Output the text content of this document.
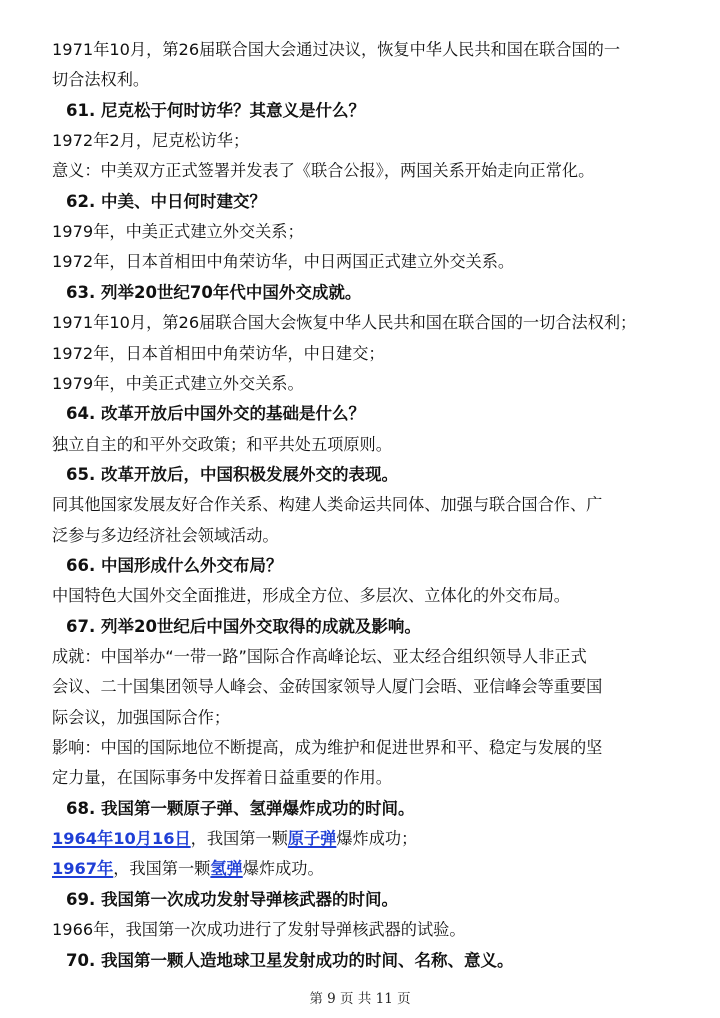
1971年10月，第26届联合国大会通过决议，恢复中华人民共和国在联合国的一
切合法权利。
61. 尼克松于何时访华？其意义是什么？
1972年2月，尼克松访华；
意义：中美双方正式签署并发表了《联合公报》，两国关系开始走向正常化。
62. 中美、中日何时建交？
1979年，中美正式建立外交关系；
1972年，日本首相田中角荣访华，中日两国正式建立外交关系。
63. 列举20世纪70年代中国外交成就。
1971年10月，第26届联合国大会恢复中华人民共和国在联合国的一切合法权利；
1972年，日本首相田中角荣访华，中日建交；
1979年，中美正式建立外交关系。
64. 改革开放后中国外交的基础是什么？
独立自主的和平外交政策；和平共处五项原则。
65. 改革开放后，中国积极发展外交的表现。
同其他国家发展友好合作关系、构建人类命运共同体、加强与联合国合作、广
泛参与多边经济社会领域活动。
66. 中国形成什么外交布局？
中国特色大国外交全面推进，形成全方位、多层次、立体化的外交布局。
67. 列举20世纪后中国外交取得的成就及影响。
成就：中国举办“一带一路”国际合作高峰论坛、亚太经合组织领导人非正式
会议、二十国集团领导人峰会、金砖国家领导人厦门会晤、亚信峰会等重要国
际会议，加强国际合作；
影响：中国的国际地位不断提高，成为维护和促进世界和平、稳定与发展的坚
定力量，在国际事务中发挥着日益重要的作用。
68. 我国第一颗原子弹、氢弹爆炸成功的时间。
1964年10月16日，我国第一颗原子弹爆炸成功；
1967年，我国第一颗氢弹爆炸成功。
69. 我国第一次成功发射导弹核武器的时间。
1966年，我国第一次成功进行了发射导弹核武器的试验。
70. 我国第一颗人造地球卫星发射成功的时间、名称、意义。
第 9 页 共 11 页
